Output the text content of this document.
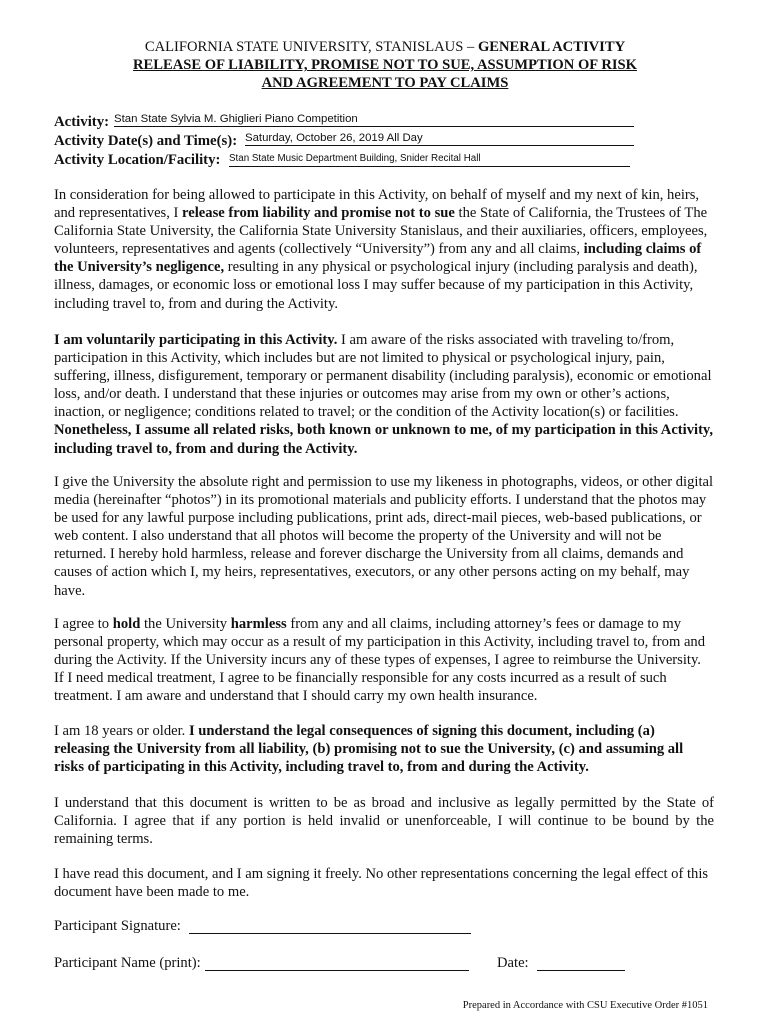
CALIFORNIA STATE UNIVERSITY, STANISLAUS – GENERAL ACTIVITY
RELEASE OF LIABILITY, PROMISE NOT TO SUE, ASSUMPTION OF RISK
AND AGREEMENT TO PAY CLAIMS
Activity: Stan State Sylvia M. Ghiglieri Piano Competition
Activity Date(s) and Time(s): Saturday, October 26, 2019 All Day
Activity Location/Facility: Stan State Music Department Building, Snider Recital Hall

In consideration for being allowed to participate in this Activity, on behalf of myself and my next of kin, heirs, and representatives, I release from liability and promise not to sue the State of California, the Trustees of The California State University, the California State University Stanislaus, and their auxiliaries, officers, employees, volunteers, representatives and agents (collectively “University”) from any and all claims, including claims of the University’s negligence, resulting in any physical or psychological injury (including paralysis and death), illness, damages, or economic loss or emotional loss I may suffer because of my participation in this Activity, including travel to, from and during the Activity.

I am voluntarily participating in this Activity. I am aware of the risks associated with traveling to/from, participation in this Activity, which includes but are not limited to physical or psychological injury, pain, suffering, illness, disfigurement, temporary or permanent disability (including paralysis), economic or emotional loss, and/or death. I understand that these injuries or outcomes may arise from my own or other’s actions, inaction, or negligence; conditions related to travel; or the condition of the Activity location(s) or facilities. Nonetheless, I assume all related risks, both known or unknown to me, of my participation in this Activity, including travel to, from and during the Activity.

I give the University the absolute right and permission to use my likeness in photographs, videos, or other digital media (hereinafter “photos”) in its promotional materials and publicity efforts. I understand that the photos may be used for any lawful purpose including publications, print ads, direct-mail pieces, web-based publications, or web content. I also understand that all photos will become the property of the University and will not be returned. I hereby hold harmless, release and forever discharge the University from all claims, demands and causes of action which I, my heirs, representatives, executors, or any other persons acting on my behalf, may have.

I agree to hold the University harmless from any and all claims, including attorney’s fees or damage to my personal property, which may occur as a result of my participation in this Activity, including travel to, from and during the Activity. If the University incurs any of these types of expenses, I agree to reimburse the University. If I need medical treatment, I agree to be financially responsible for any costs incurred as a result of such treatment. I am aware and understand that I should carry my own health insurance.

I am 18 years or older. I understand the legal consequences of signing this document, including (a) releasing the University from all liability, (b) promising not to sue the University, (c) and assuming all risks of participating in this Activity, including travel to, from and during the Activity.

I understand that this document is written to be as broad and inclusive as legally permitted by the State of California. I agree that if any portion is held invalid or unenforceable, I will continue to be bound by the remaining terms.

I have read this document, and I am signing it freely. No other representations concerning the legal effect of this document have been made to me.

Participant Signature:
Participant Name (print):	Date:
Prepared in Accordance with CSU Executive Order #1051
